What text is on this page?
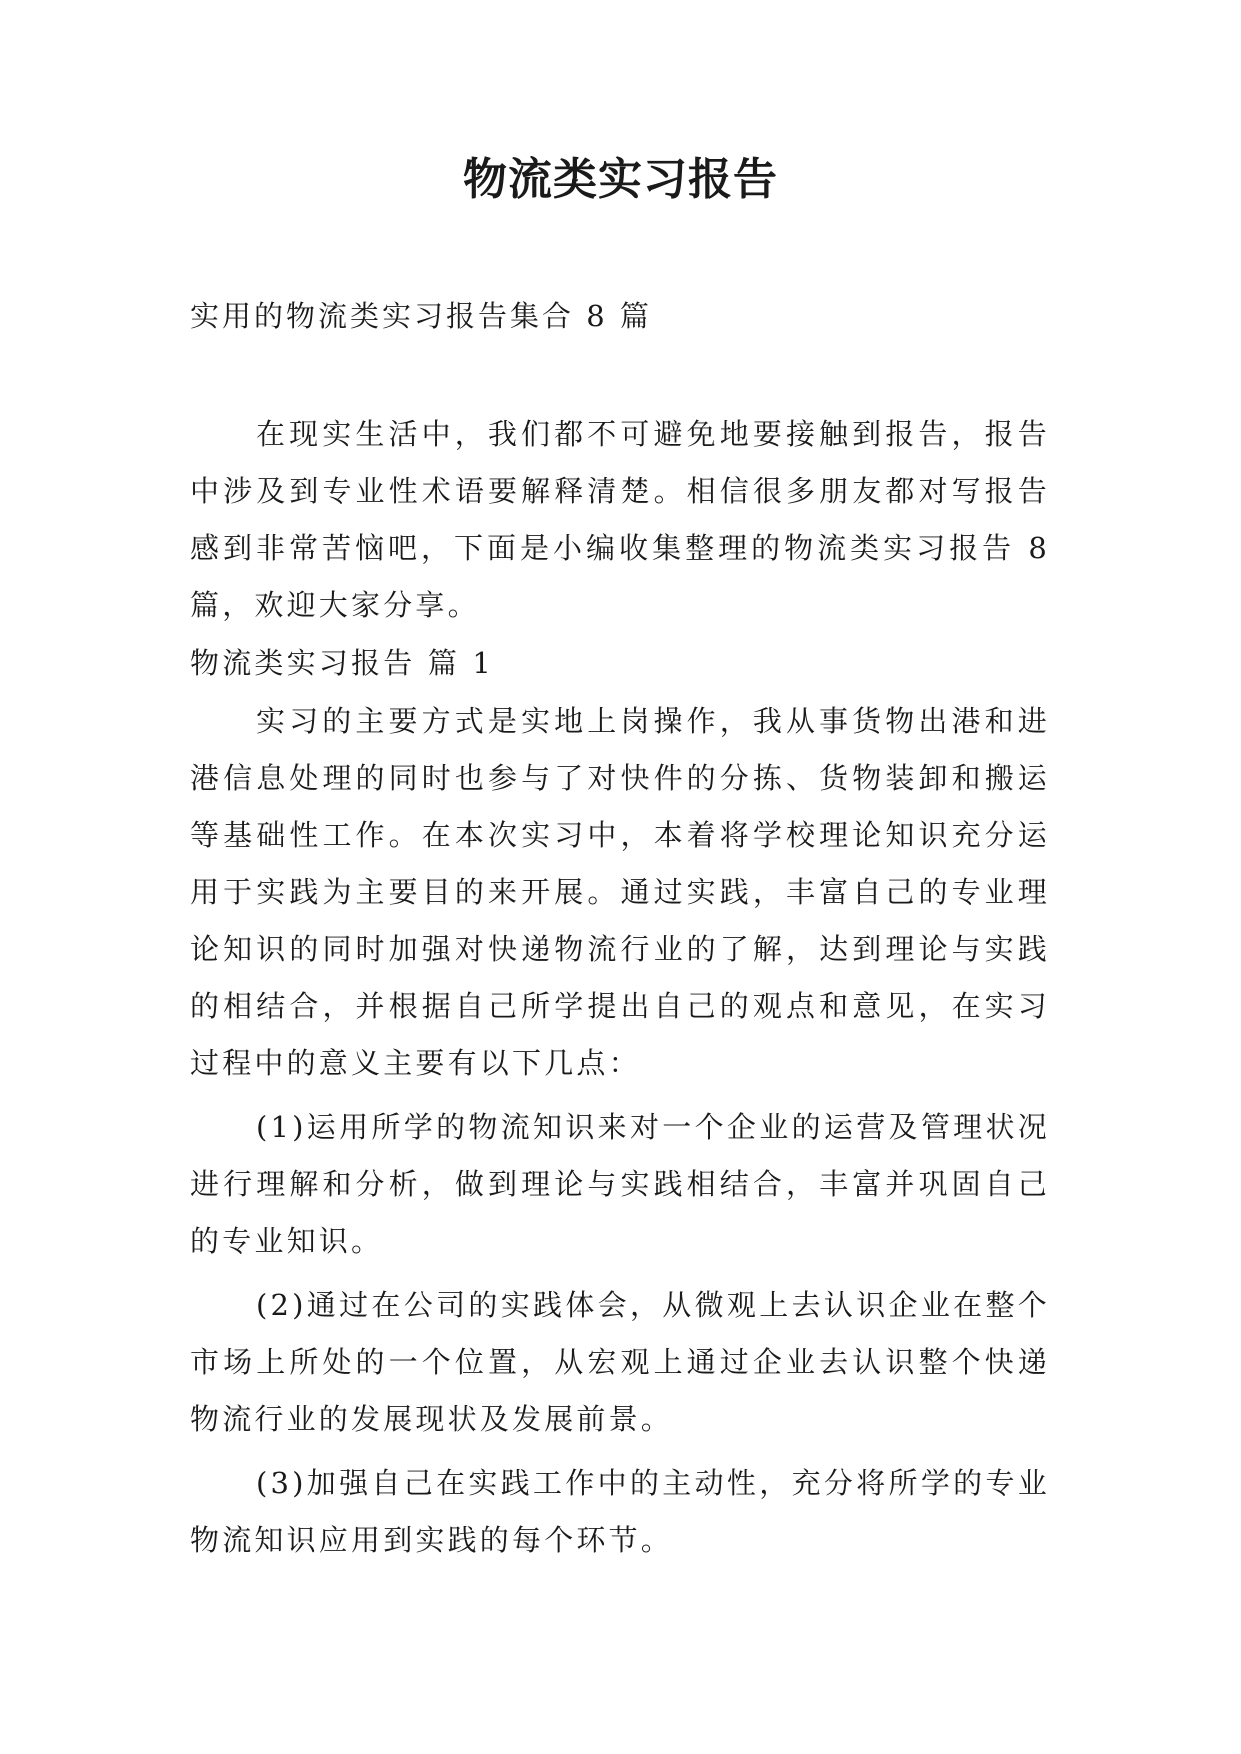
物流类实习报告
实用的物流类实习报告集合 8 篇

在现实生活中，我们都不可避免地要接触到报告，报告中涉及到专业性术语要解释清楚。相信很多朋友都对写报告感到非常苦恼吧，下面是小编收集整理的物流类实习报告 8 篇，欢迎大家分享。

物流类实习报告 篇 1

实习的主要方式是实地上岗操作，我从事货物出港和进港信息处理的同时也参与了对快件的分拣、货物装卸和搬运等基础性工作。在本次实习中，本着将学校理论知识充分运用于实践为主要目的来开展。通过实践，丰富自己的专业理论知识的同时加强对快递物流行业的了解，达到理论与实践的相结合，并根据自己所学提出自己的观点和意见，在实习过程中的意义主要有以下几点：

(1)运用所学的物流知识来对一个企业的运营及管理状况进行理解和分析，做到理论与实践相结合，丰富并巩固自己的专业知识。

(2)通过在公司的实践体会，从微观上去认识企业在整个市场上所处的一个位置，从宏观上通过企业去认识整个快递物流行业的发展现状及发展前景。

(3)加强自己在实践工作中的主动性，充分将所学的专业物流知识应用到实践的每个环节。
